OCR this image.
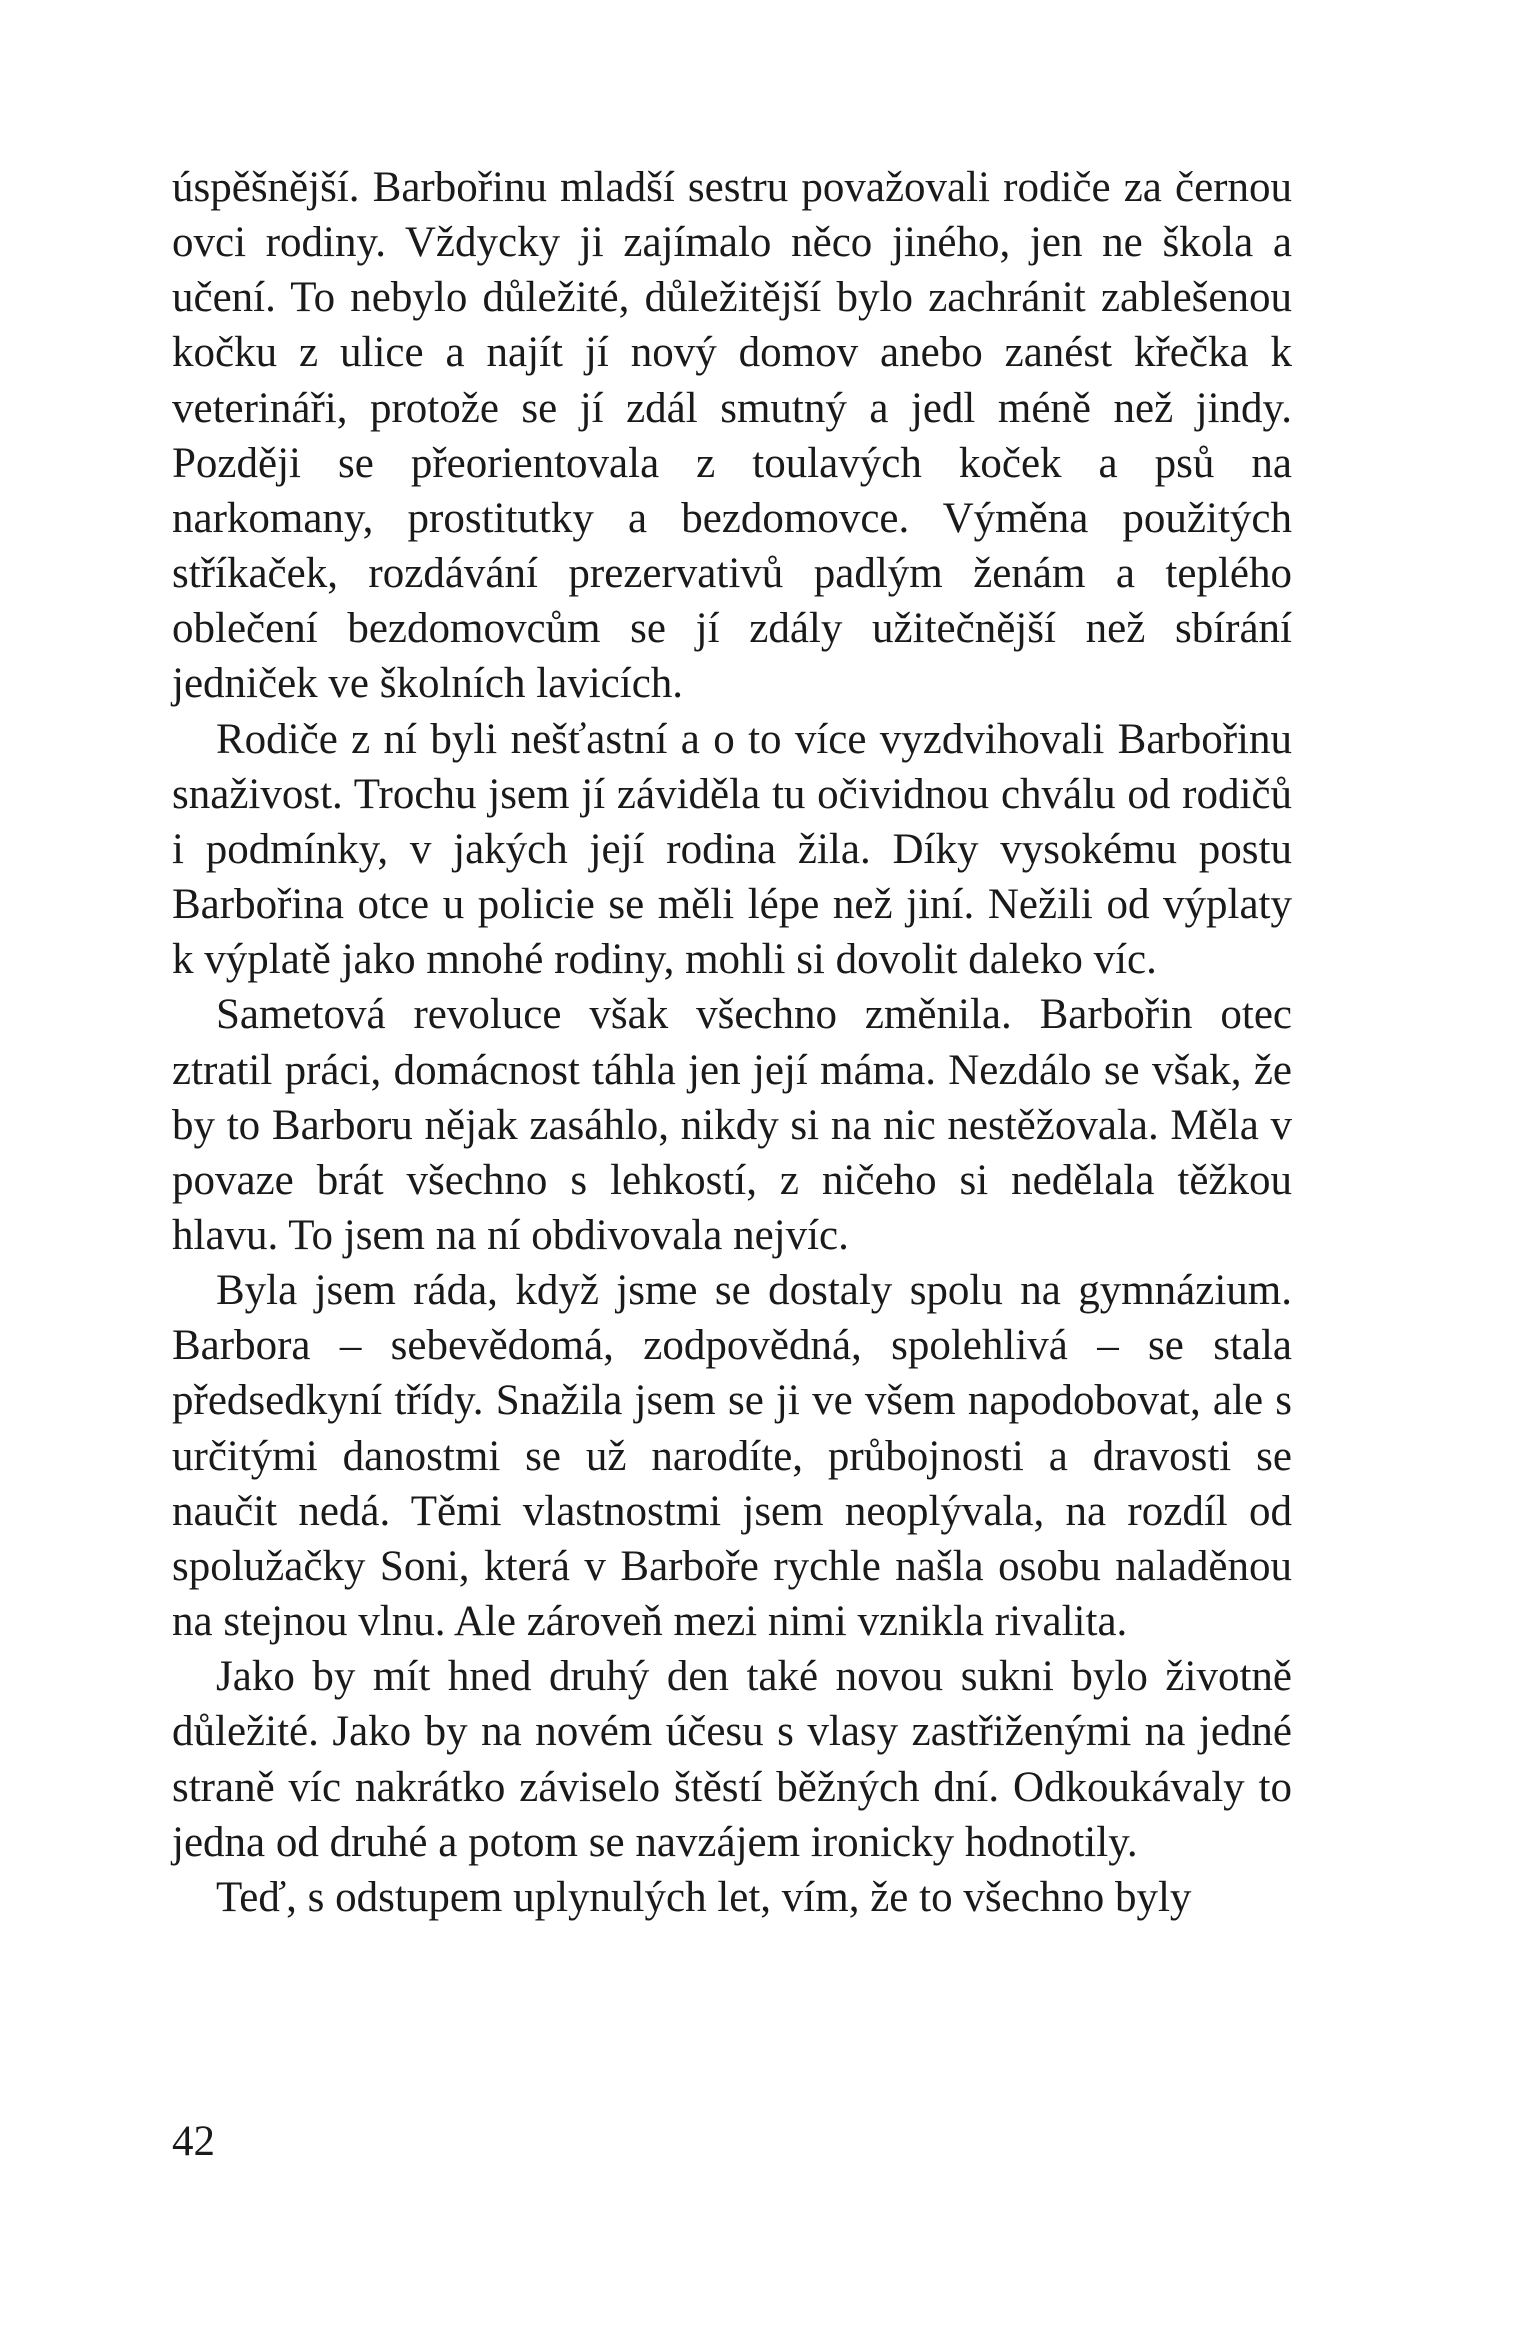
úspěšnější. Barbořinu mladší sestru považovali rodiče za černou ovci rodiny. Vždycky ji zajímalo něco jiného, jen ne škola a učení. To nebylo důležité, důležitější bylo zachránit zablešenou kočku z ulice a najít jí nový domov anebo zanést křečka k veterináři, protože se jí zdál smutný a jedl méně než jindy. Později se přeorientovala z toulavých koček a psů na narkomany, prostitutky a bezdomovce. Výměna použitých stříkaček, rozdávání prezervativů padlým ženám a teplého oblečení bezdomovcům se jí zdály užitečnější než sbírání jedniček ve školních lavicích.

Rodiče z ní byli nešťastní a o to více vyzdvihovali Barbořinu snaživost. Trochu jsem jí záviděla tu očividnou chválu od rodičů i podmínky, v jakých její rodina žila. Díky vysokému postu Barbořina otce u policie se měli lépe než jiní. Nežili od výplaty k výplatě jako mnohé rodiny, mohli si dovolit daleko víc.

Sametová revoluce však všechno změnila. Barbořin otec ztratil práci, domácnost táhla jen její máma. Nezdálo se však, že by to Barboru nějak zasáhlo, nikdy si na nic nestěžovala. Měla v povaze brát všechno s lehkostí, z ničeho si nedělala těžkou hlavu. To jsem na ní obdivovala nejvíc.

Byla jsem ráda, když jsme se dostaly spolu na gymnázium. Barbora – sebevědomá, zodpovědná, spolehlivá – se stala předsedkyní třídy. Snažila jsem se ji ve všem napodobovat, ale s určitými danostmi se už narodíte, průbojnosti a dravosti se naučit nedá. Těmi vlastnostmi jsem neoplývala, na rozdíl od spolužačky Soni, která v Barboře rychle našla osobu naladěnou na stejnou vlnu. Ale zároveň mezi nimi vznikla rivalita.

Jako by mít hned druhý den také novou sukni bylo životně důležité. Jako by na novém účesu s vlasy zastřiženými na jedné straně víc nakrátko záviselo štěstí běžných dní. Odkoukávaly to jedna od druhé a potom se navzájem ironicky hodnotily.

Teď, s odstupem uplynulých let, vím, že to všechno byly

42
